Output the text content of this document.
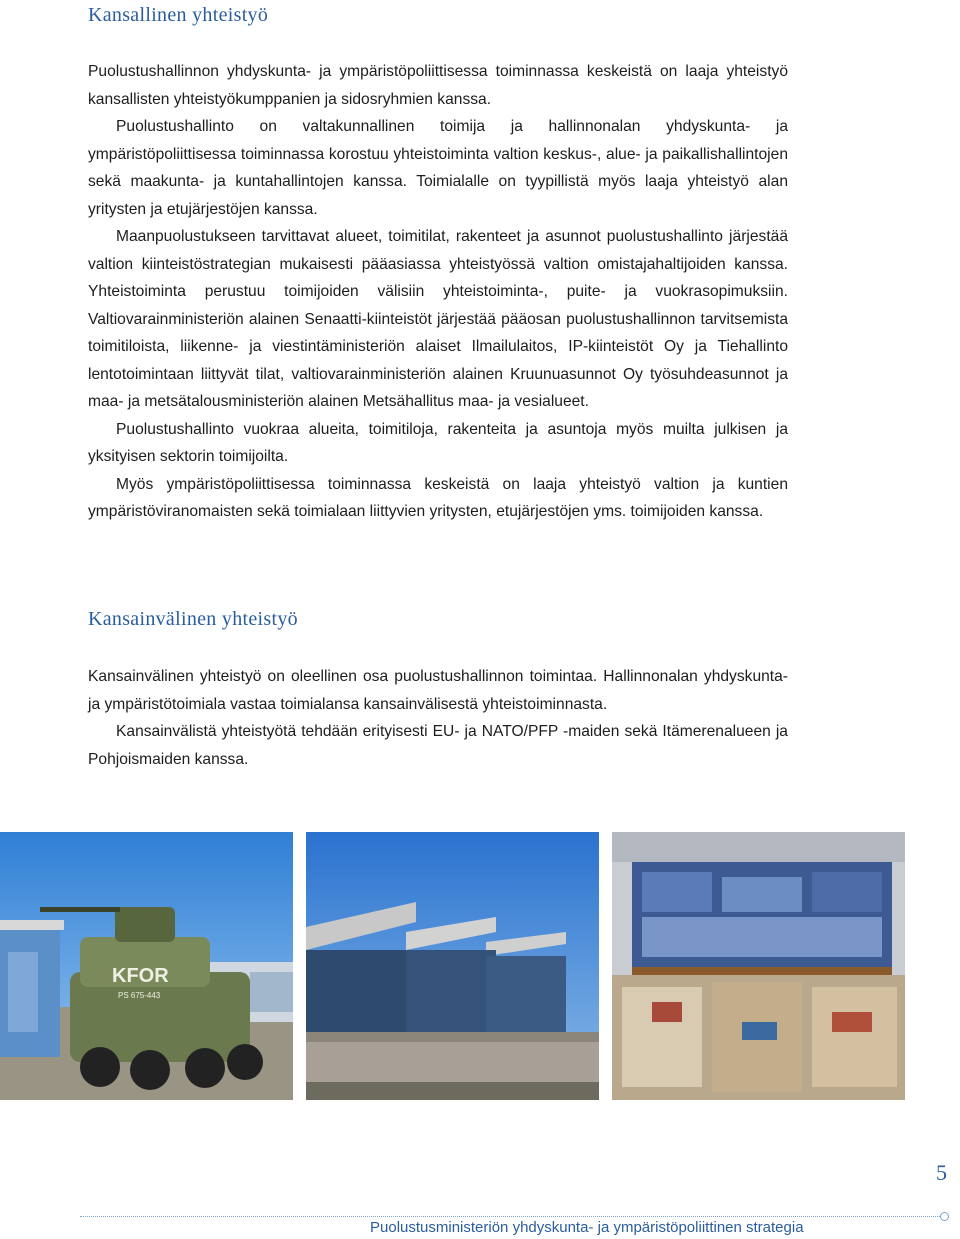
Kansallinen yhteistyö

Puolustushallinnon yhdyskunta- ja ympäristöpoliittisessa toiminnassa keskeistä on laaja yhteistyö kansallisten yhteistyökumppanien ja sidosryhmien kanssa.

Puolustushallinto on valtakunnallinen toimija ja hallinnonalan yhdyskunta- ja ympäristöpoliittisessa toiminnassa korostuu yhteistoiminta valtion keskus-, alue- ja paikallishallintojen sekä maakunta- ja kuntahallintojen kanssa. Toimialalle on tyypillistä myös laaja yhteistyö alan yritysten ja etujärjestöjen kanssa.

Maanpuolustukseen tarvittavat alueet, toimitilat, rakenteet ja asunnot puolustushallinto järjestää valtion kiinteistöstrategian mukaisesti pääasiassa yhteistyössä valtion omistajahaltijoiden kanssa. Yhteistoiminta perustuu toimijoiden välisiin yhteistoiminta-, puite- ja vuokrasopimuksiin. Valtiovarainministeriön alainen Senaatti-kiinteistöt järjestää pääosan puolustushallinnon tarvitsemista toimitiloista, liikenne- ja viestintäministeriön alaiset Ilmailulaitos, IP-kiinteistöt Oy ja Tiehallinto lentotoimintaan liittyvät tilat, valtiovarainministeriön alainen Kruunuasunnot Oy työsuhdeasunnot ja maa- ja metsätalousministeriön alainen Metsähallitus maa- ja vesialueet.

Puolustushallinto vuokraa alueita, toimitiloja, rakenteita ja asuntoja myös muilta julkisen ja yksityisen sektorin toimijoilta.

Myös ympäristöpoliittisessa toiminnassa keskeistä on laaja yhteistyö valtion ja kuntien ympäristöviranomaisten sekä toimialaan liittyvien yritysten, etujärjestöjen yms. toimijoiden kanssa.

Kansainvälinen yhteistyö

Kansainvälinen yhteistyö on oleellinen osa puolustushallinnon toimintaa. Hallinnonalan yhdyskunta- ja ympäristötoimiala vastaa toimialansa kansainvälisestä yhteistoiminnasta.

Kansainvälistä yhteistyötä tehdään erityisesti EU- ja NATO/PFP -maiden sekä Itämerenalueen ja Pohjoismaiden kanssa.

KFOR
PS 675-443
5
Puolustusministeriön yhdyskunta- ja ympäristöpoliittinen strategia
